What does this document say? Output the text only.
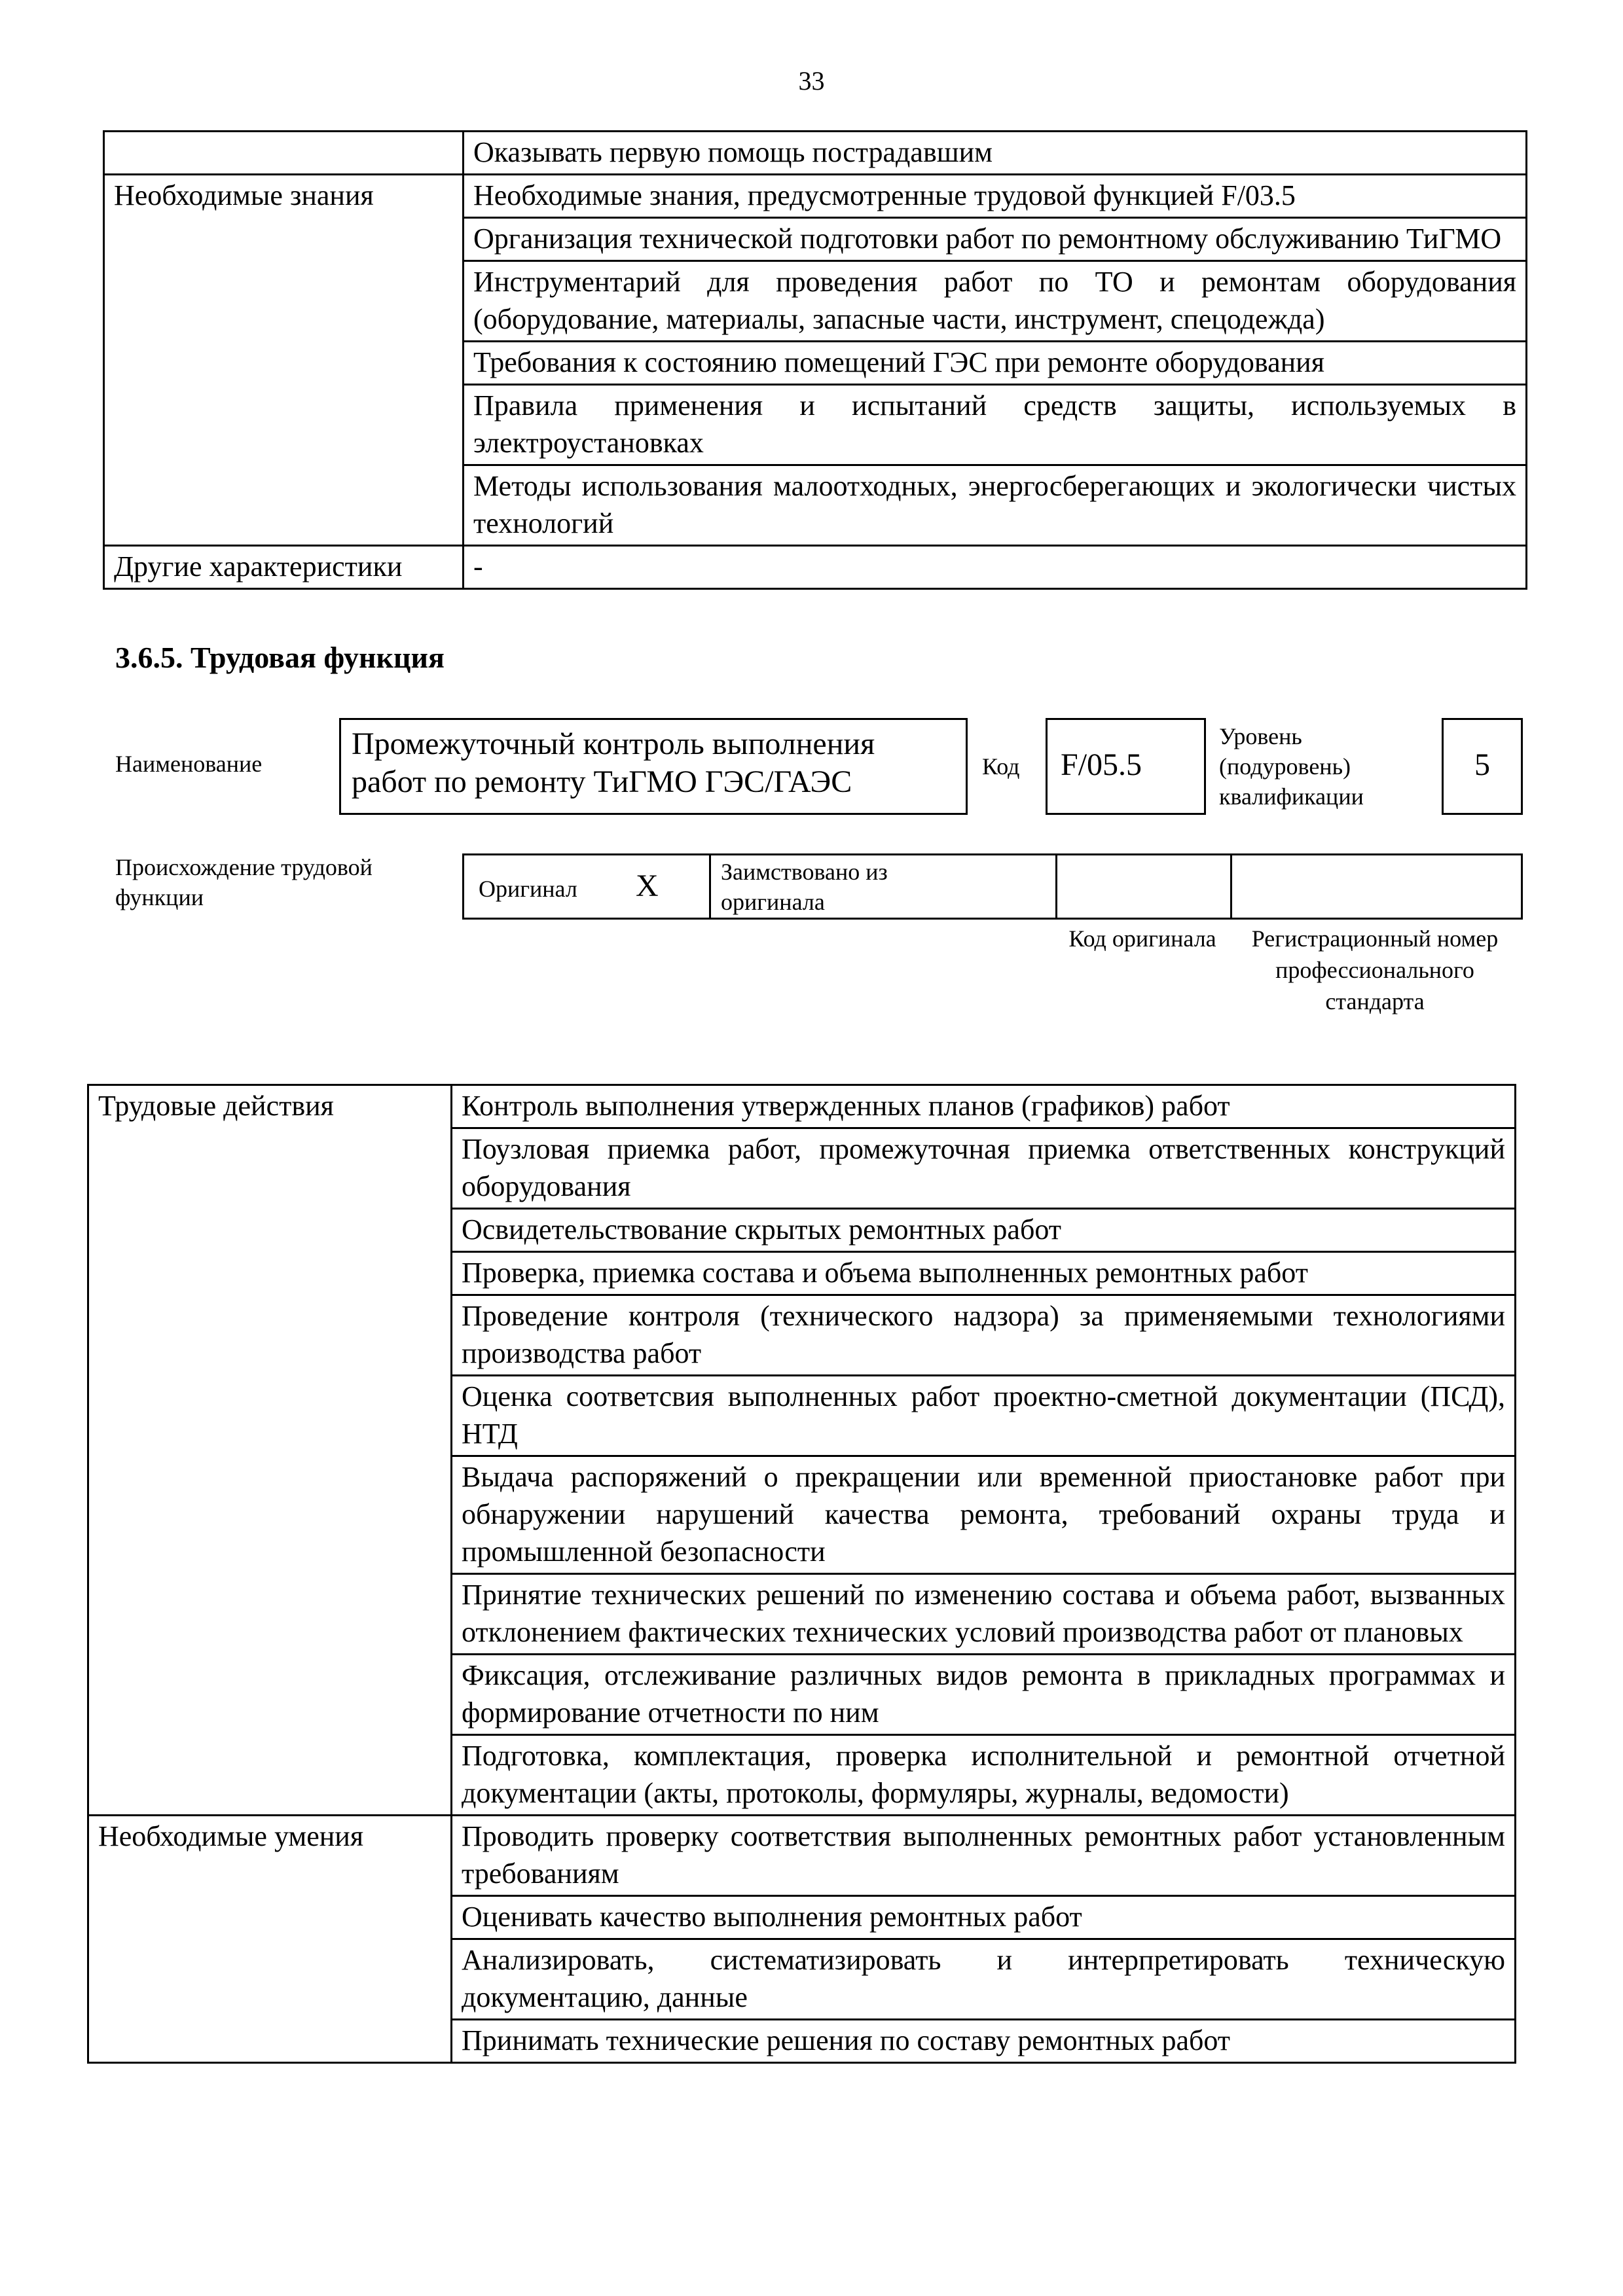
33
	Оказывать первую помощь пострадавшим
Необходимые знания	Необходимые знания, предусмотренные трудовой функцией F/03.5
	Организация технической подготовки работ по ремонтному обслуживанию ТиГМО
	Инструментарий для проведения работ по ТО и ремонтам оборудования (оборудование, материалы, запасные части, инструмент, спецодежда)
	Требования к состоянию помещений ГЭС при ремонте оборудования
	Правила применения и испытаний средств защиты, используемых в электроустановках
	Методы использования малоотходных, энергосберегающих и экологически чистых технологий
Другие характеристики	-
3.6.5. Трудовая функция
Наименование
Промежуточный контроль выполнения работ по ремонту ТиГМО ГЭС/ГАЭС	Код	F/05.5
Уровень (подуровень) квалификации
5
Происхождение трудовой функции	Оригинал X	Заимствовано из оригинала
Код оригинала	Регистрационный номер профессионального стандарта
Трудовые действия	Контроль выполнения утвержденных планов (графиков) работ
	Поузловая приемка работ, промежуточная приемка ответственных конструкций оборудования
	Освидетельствование скрытых ремонтных работ
	Проверка, приемка состава и объема выполненных ремонтных работ
	Проведение контроля (технического надзора) за применяемыми технологиями производства работ
	Оценка соответсвия выполненных работ проектно-сметной документации (ПСД), НТД
	Выдача распоряжений о прекращении или временной приостановке работ при обнаружении нарушений качества ремонта, требований охраны труда и промышленной безопасности
	Принятие технических решений по изменению состава и объема работ, вызванных отклонением фактических технических условий производства работ от плановых
	Фиксация, отслеживание различных видов ремонта в прикладных программах и формирование отчетности по ним
	Подготовка, комплектация, проверка исполнительной и ремонтной отчетной документации (акты, протоколы, формуляры, журналы, ведомости)
Необходимые умения	Проводить проверку соответствия выполненных ремонтных работ установленным требованиям
	Оценивать качество выполнения ремонтных работ
	Анализировать, систематизировать и интерпретировать техническую документацию, данные
	Принимать технические решения по составу ремонтных работ
